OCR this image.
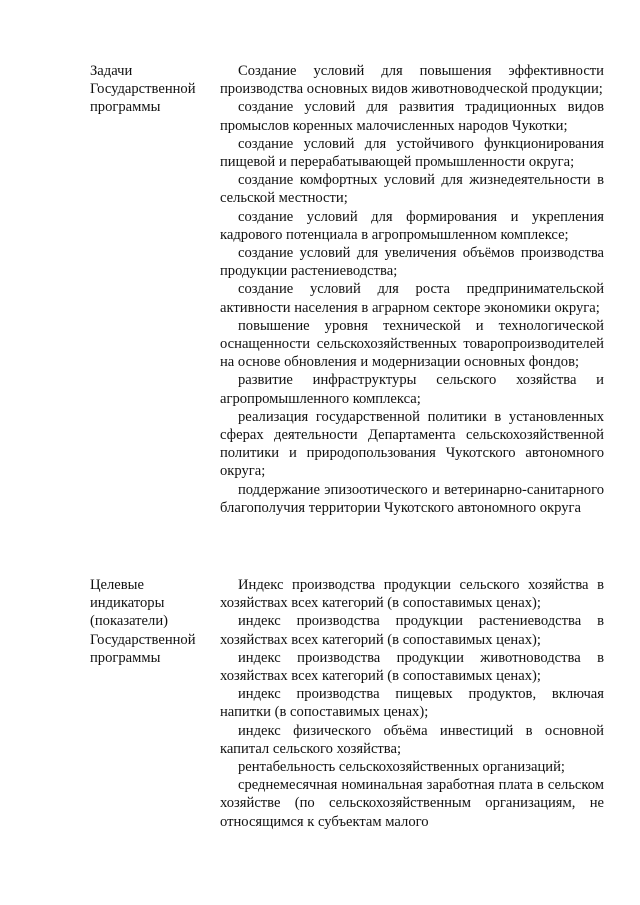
Задачи
Государственной
программы

Создание условий для повышения эффективности производства основных видов животноводческой продукции;

создание условий для развития традиционных видов промыслов коренных малочисленных народов Чукотки;

создание условий для устойчивого функционирования пищевой и перерабатывающей промышленности округа;

создание комфортных условий для жизнедеятельности в сельской местности;

создание условий для формирования и укрепления кадрового потенциала в агропромышленном комплексе;

создание условий для увеличения объёмов производства продукции растениеводства;

создание условий для роста предпринимательской активности населения в аграрном секторе экономики округа;

повышение уровня технической и технологической оснащенности сельскохозяйственных товаропроизводителей на основе обновления и модернизации основных фондов;

развитие инфраструктуры сельского хозяйства и агропромышленного комплекса;

реализация государственной политики в установленных сферах деятельности Департамента сельскохозяйственной политики и природопользования Чукотского автономного округа;

поддержание эпизоотического и ветеринарно-санитарного благополучия территории Чукотского автономного округа

Целевые
индикаторы
(показатели)
Государственной
программы

Индекс производства продукции сельского хозяйства в хозяйствах всех категорий (в сопоставимых ценах);

индекс производства продукции растениеводства в хозяйствах всех категорий (в сопоставимых ценах);

индекс производства продукции животноводства в хозяйствах всех категорий (в сопоставимых ценах);

индекс производства пищевых продуктов, включая напитки (в сопоставимых ценах);

индекс физического объёма инвестиций в основной капитал сельского хозяйства;

рентабельность сельскохозяйственных организаций;

среднемесячная номинальная заработная плата в сельском хозяйстве (по сельскохозяйственным организациям, не относящимся к субъектам малого
